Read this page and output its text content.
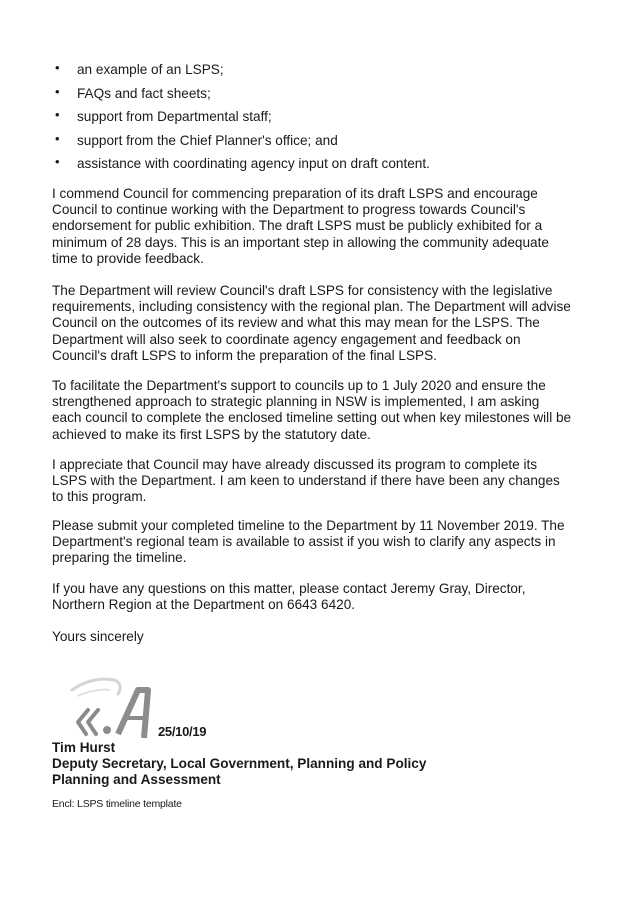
• an example of an LSPS;
• FAQs and fact sheets;
• support from Departmental staff;
• support from the Chief Planner's office; and
• assistance with coordinating agency input on draft content.

I commend Council for commencing preparation of its draft LSPS and encourage Council to continue working with the Department to progress towards Council's endorsement for public exhibition. The draft LSPS must be publicly exhibited for a minimum of 28 days. This is an important step in allowing the community adequate time to provide feedback.

The Department will review Council's draft LSPS for consistency with the legislative requirements, including consistency with the regional plan. The Department will advise Council on the outcomes of its review and what this may mean for the LSPS. The Department will also seek to coordinate agency engagement and feedback on Council's draft LSPS to inform the preparation of the final LSPS.

To facilitate the Department's support to councils up to 1 July 2020 and ensure the strengthened approach to strategic planning in NSW is implemented, I am asking each council to complete the enclosed timeline setting out when key milestones will be achieved to make its first LSPS by the statutory date.

I appreciate that Council may have already discussed its program to complete its LSPS with the Department. I am keen to understand if there have been any changes to this program.

Please submit your completed timeline to the Department by 11 November 2019. The Department's regional team is available to assist if you wish to clarify any aspects in preparing the timeline.

If you have any questions on this matter, please contact Jeremy Gray, Director, Northern Region at the Department on 6643 6420.

Yours sincerely

25/10/19

Tim Hurst

Deputy Secretary, Local Government, Planning and Policy

Planning and Assessment

Encl: LSPS timeline template
